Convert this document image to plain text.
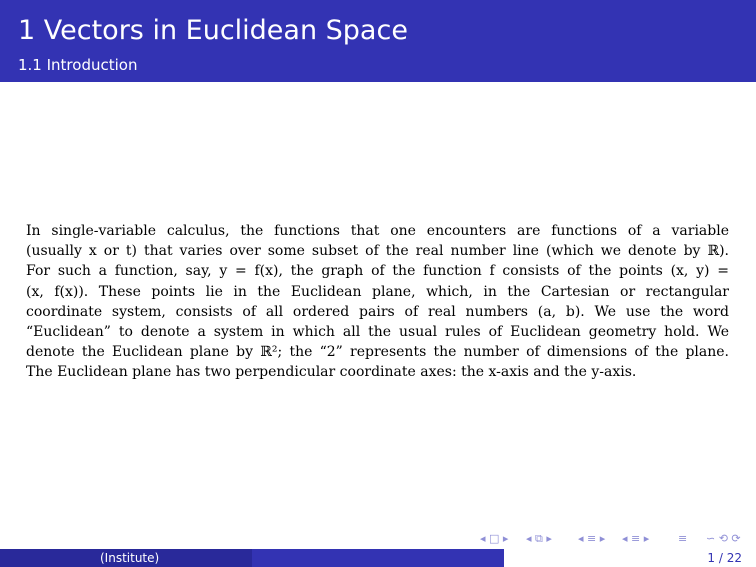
1 Vectors in Euclidean Space
1.1 Introduction

In single-variable calculus, the functions that one encounters are functions of a variable
(usually x or t) that varies over some subset of the real number line (which we denote by ℝ).
For such a function, say, y = f(x), the graph of the function f consists of the points (x, y) =
(x, f(x)). These points lie in the Euclidean plane, which, in the Cartesian or rectangular
coordinate system, consists of all ordered pairs of real numbers (a, b). We use the word
“Euclidean” to denote a system in which all the usual rules of Euclidean geometry hold. We
denote the Euclidean plane by ℝ²; the “2” represents the number of dimensions of the plane.
The Euclidean plane has two perpendicular coordinate axes: the x-axis and the y-axis.

◂ □ ▸ ◂ ⧉ ▸ ◂ ≡ ▸ ◂ ≡ ▸	≡ ∽ ⟲ ⟳
(Institute)	1 / 22
